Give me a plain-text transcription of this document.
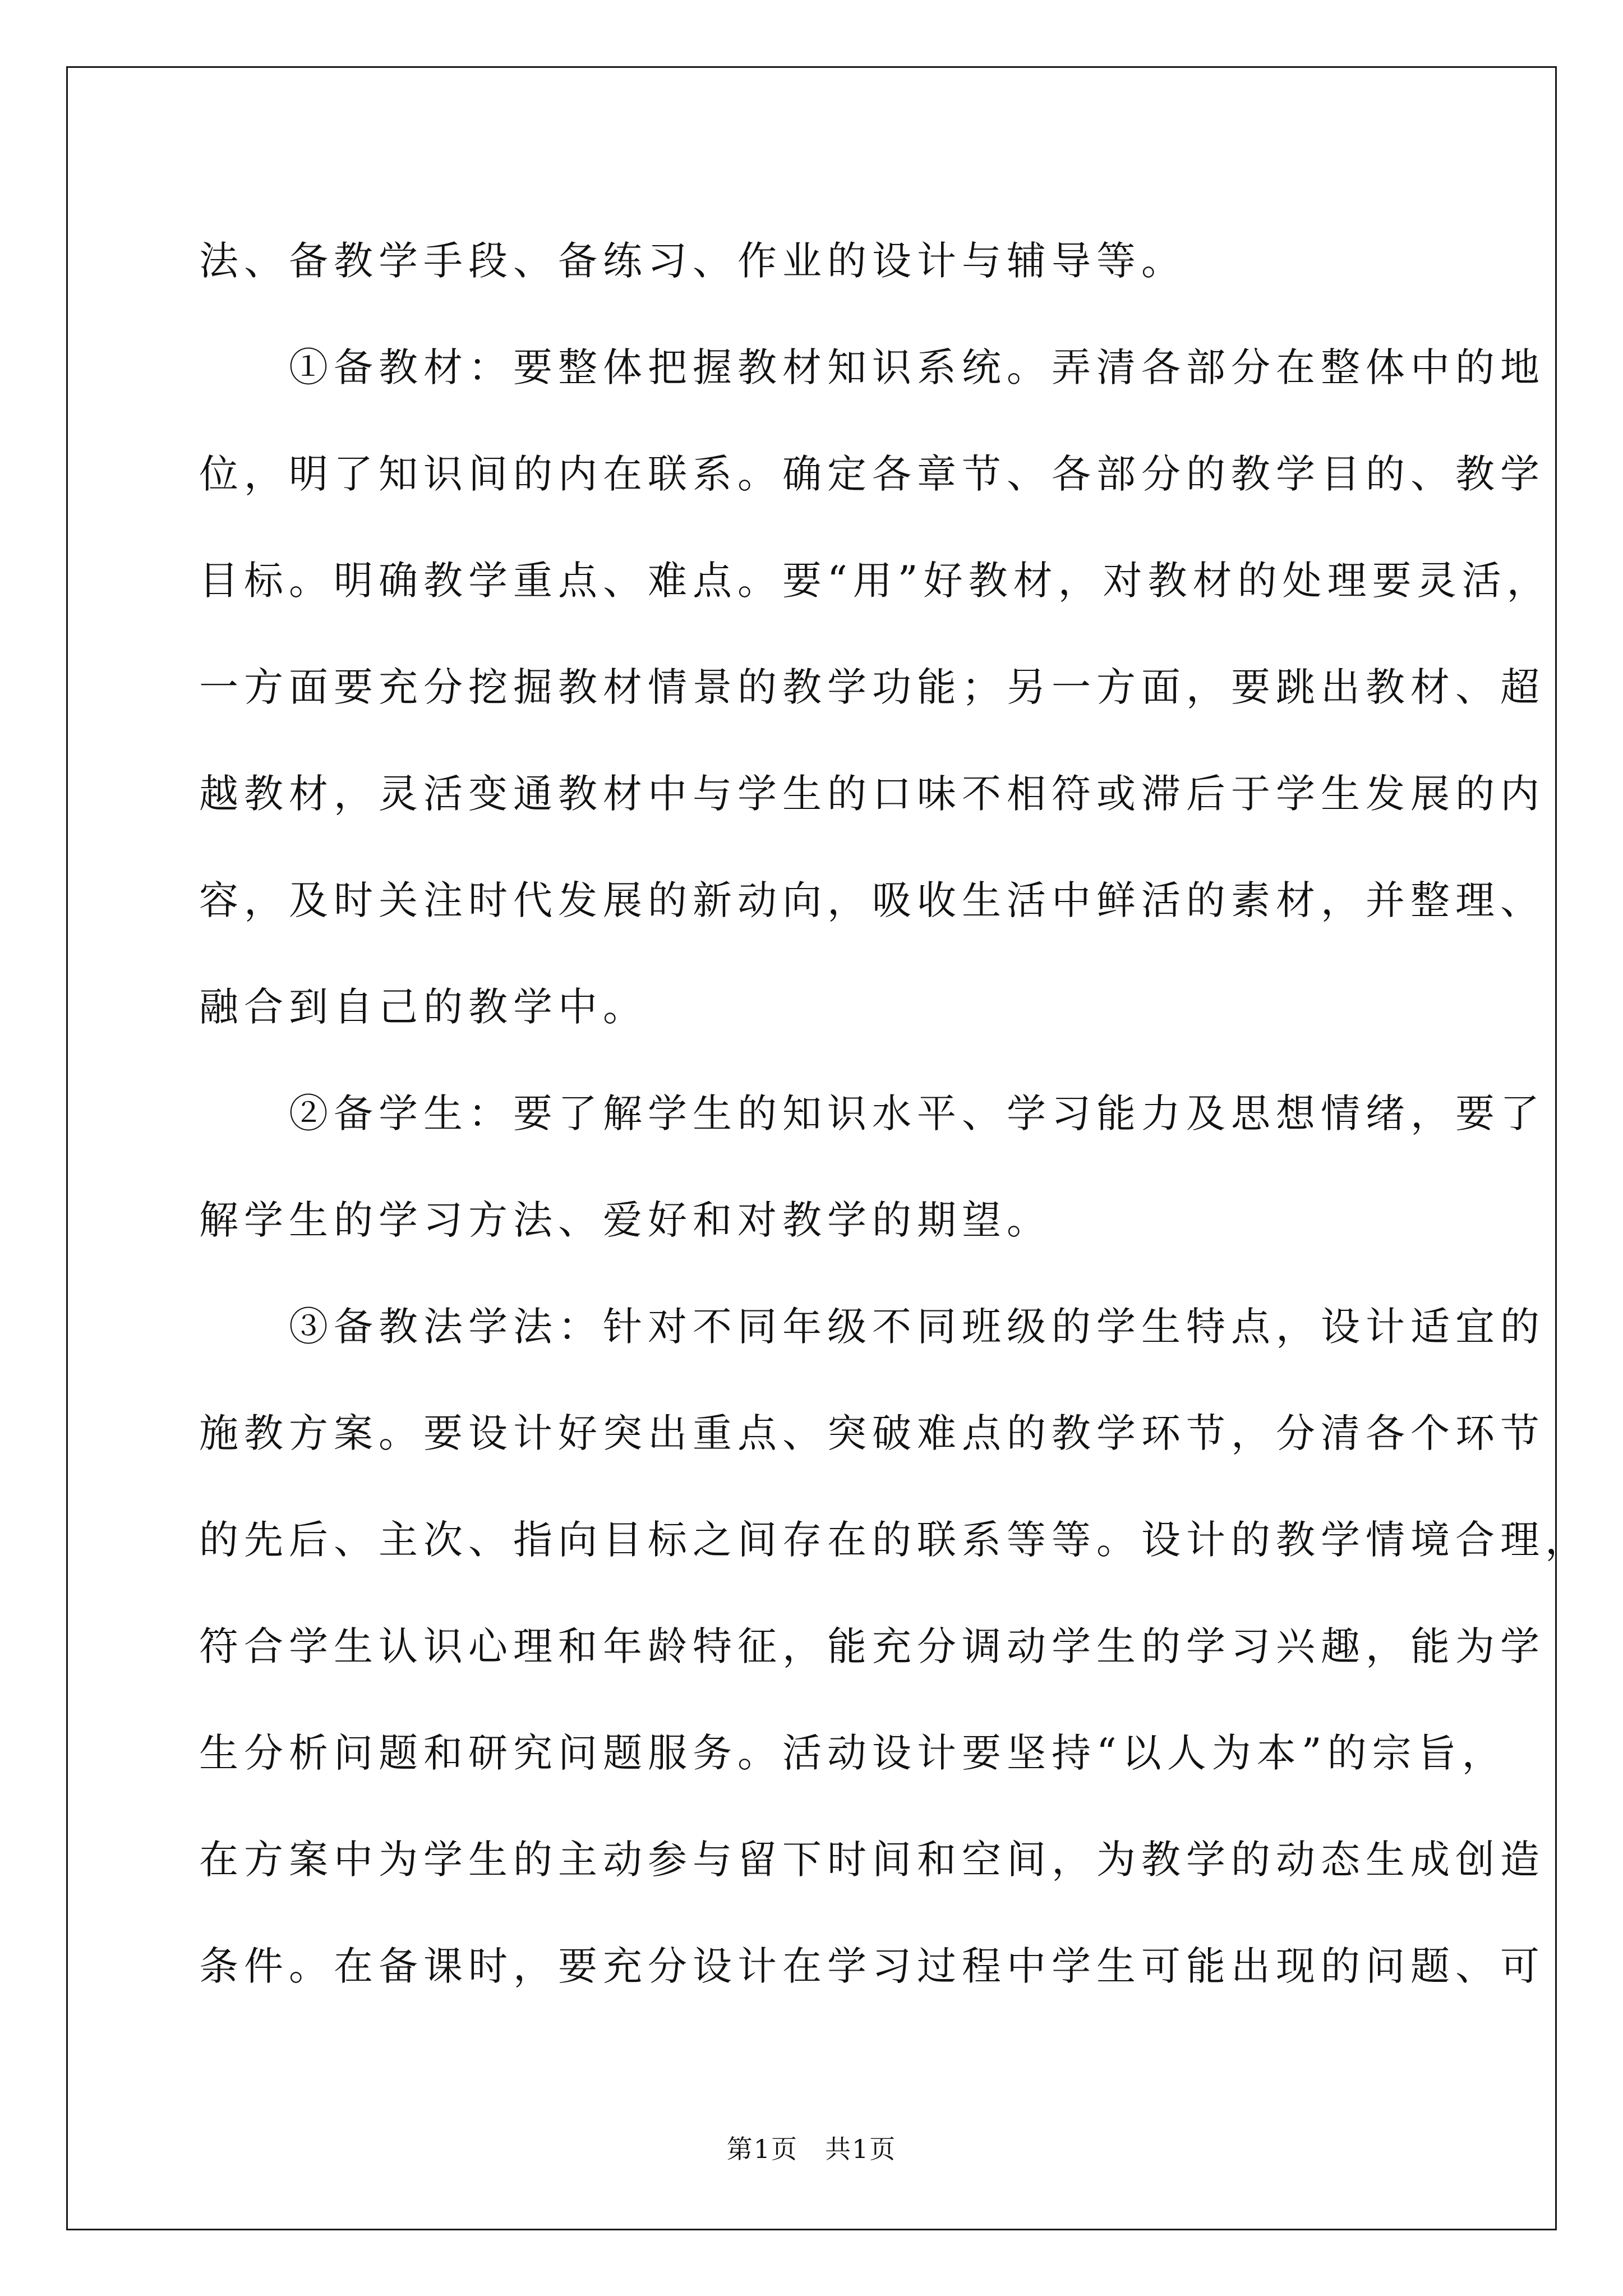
法、备教学手段、备练习、作业的设计与辅导等。
　　①备教材：要整体把握教材知识系统。弄清各部分在整体中的地
位，明了知识间的内在联系。确定各章节、各部分的教学目的、教学
目标。明确教学重点、难点。要“用”好教材，对教材的处理要灵活，
一方面要充分挖掘教材情景的教学功能；另一方面，要跳出教材、超
越教材，灵活变通教材中与学生的口味不相符或滞后于学生发展的内
容，及时关注时代发展的新动向，吸收生活中鲜活的素材，并整理、
融合到自己的教学中。
　　②备学生：要了解学生的知识水平、学习能力及思想情绪，要了
解学生的学习方法、爱好和对教学的期望。
　　③备教法学法：针对不同年级不同班级的学生特点，设计适宜的
施教方案。要设计好突出重点、突破难点的教学环节，分清各个环节
的先后、主次、指向目标之间存在的联系等等。设计的教学情境合理，
符合学生认识心理和年龄特征，能充分调动学生的学习兴趣，能为学
生分析问题和研究问题服务。活动设计要坚持“以人为本”的宗旨，
在方案中为学生的主动参与留下时间和空间，为教学的动态生成创造
条件。在备课时，要充分设计在学习过程中学生可能出现的问题、可
第1页　共1页
